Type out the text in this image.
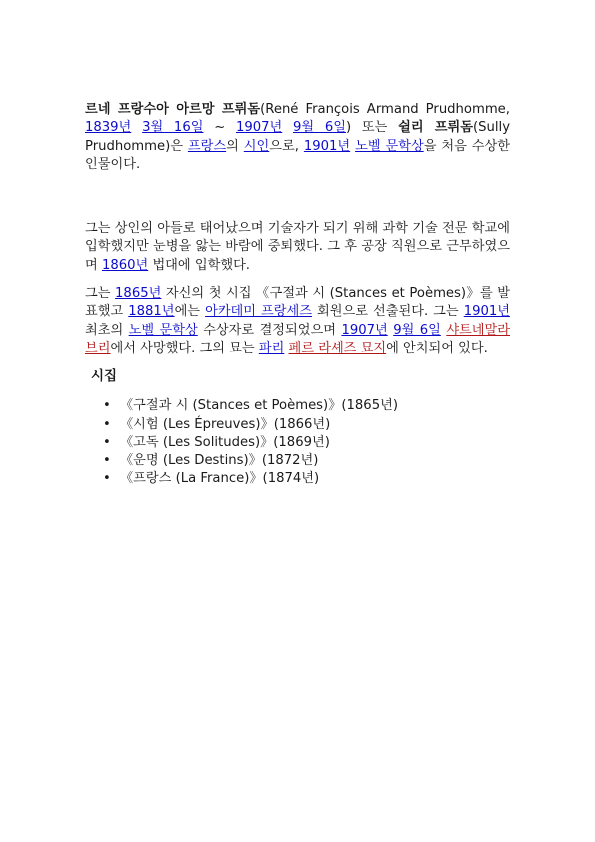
르네 프랑수아 아르망 프뤼돔(René François Armand Prudhomme, 1839년 3월 16일 ~ 1907년 9월 6일) 또는 쉴리 프뤼돔(Sully Prudhomme)은 프랑스의 시인으로, 1901년 노벨 문학상을 처음 수상한 인물이다.

그는 상인의 아들로 태어났으며 기술자가 되기 위해 과학 기술 전문 학교에 입학했지만 눈병을 앓는 바람에 중퇴했다. 그 후 공장 직원으로 근무하였으며 1860년 법대에 입학했다.

그는 1865년 자신의 첫 시집 《구절과 시 (Stances et Poèmes)》를 발표했고 1881년에는 아카데미 프랑세즈 회원으로 선출된다. 그는 1901년 최초의 노벨 문학상 수상자로 결정되었으며 1907년 9월 6일 샤트네말라브리에서 사망했다. 그의 묘는 파리 페르 라셰즈 묘지에 안치되어 있다.

시집
• 《구절과 시 (Stances et Poèmes)》(1865년)
• 《시험 (Les Épreuves)》(1866년)
• 《고독 (Les Solitudes)》(1869년)
• 《운명 (Les Destins)》(1872년)
• 《프랑스 (La France)》(1874년)
